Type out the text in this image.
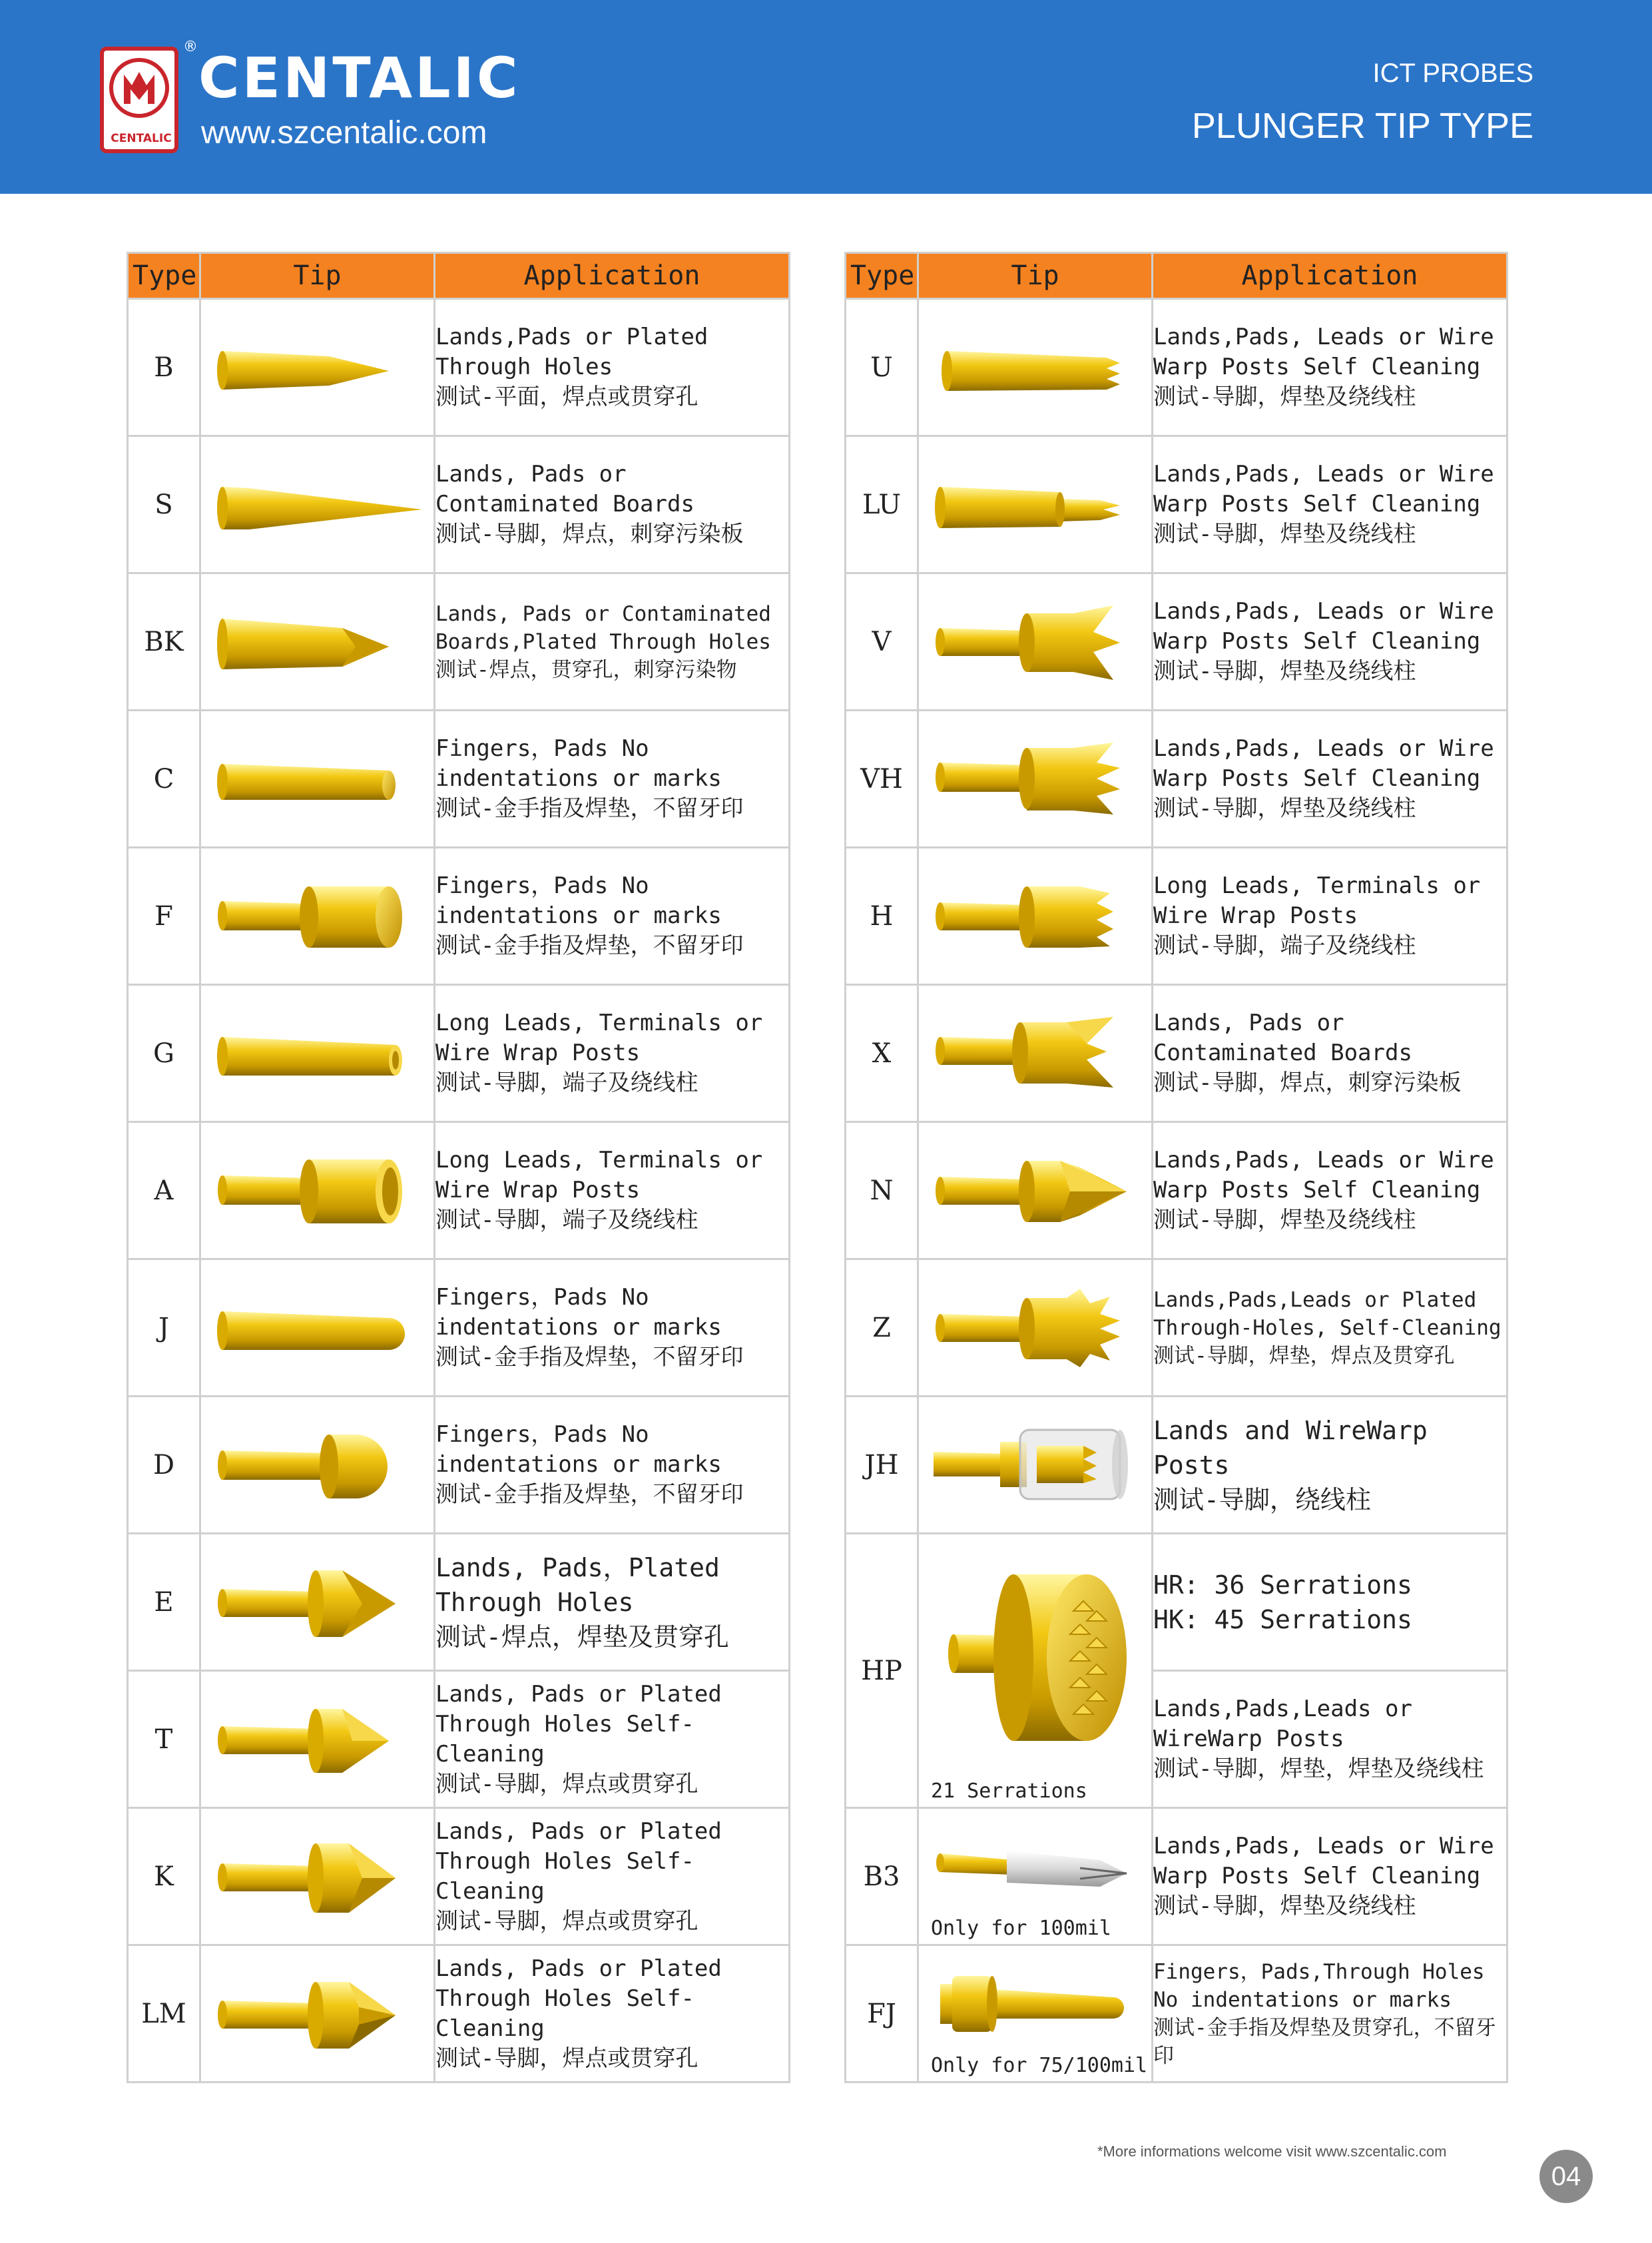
CENTALIC
® CENTALIC
www.szcentalic.com
ICT PROBES
PLUNGER TIP TYPE
Type	Tip	Application
B		Lands,Pads or Plated
Through Holes
测试-平面，焊点或贯穿孔
S		Lands, Pads or
Contaminated Boards
测试-导脚，焊点，刺穿污染板
BK		Lands, Pads or Contaminated
Boards,Plated Through Holes
测试-焊点，贯穿孔，刺穿污染物
C		Fingers，Pads No
indentations or marks
测试-金手指及焊垫，不留牙印
F		Fingers，Pads No
indentations or marks
测试-金手指及焊垫，不留牙印
G		Long Leads, Terminals or
Wire Wrap Posts
测试-导脚，端子及绕线柱
A		Long Leads, Terminals or
Wire Wrap Posts
测试-导脚，端子及绕线柱
J		Fingers，Pads No
indentations or marks
测试-金手指及焊垫，不留牙印
D		Fingers，Pads No
indentations or marks
测试-金手指及焊垫，不留牙印
E		Lands, Pads，Plated
Through Holes
测试-焊点，焊垫及贯穿孔
T		Lands, Pads or Plated
Through Holes Self-
Cleaning
测试-导脚，焊点或贯穿孔
K		Lands, Pads or Plated
Through Holes Self-
Cleaning
测试-导脚，焊点或贯穿孔
LM		Lands, Pads or Plated
Through Holes Self-
Cleaning
测试-导脚，焊点或贯穿孔
Type	Tip	Application
U		Lands,Pads, Leads or Wire
Warp Posts Self Cleaning
测试-导脚，焊垫及绕线柱
LU		Lands,Pads, Leads or Wire
Warp Posts Self Cleaning
测试-导脚，焊垫及绕线柱
V		Lands,Pads, Leads or Wire
Warp Posts Self Cleaning
测试-导脚，焊垫及绕线柱
VH		Lands,Pads, Leads or Wire
Warp Posts Self Cleaning
测试-导脚，焊垫及绕线柱
H		Long Leads, Terminals or
Wire Wrap Posts
测试-导脚，端子及绕线柱
X		Lands, Pads or
Contaminated Boards
测试-导脚，焊点，刺穿污染板
N		Lands,Pads, Leads or Wire
Warp Posts Self Cleaning
测试-导脚，焊垫及绕线柱
Z		Lands,Pads,Leads or Plated
Through-Holes, Self-Cleaning
测试-导脚，焊垫，焊点及贯穿孔
JH		Lands and WireWarp
Posts
测试-导脚，绕线柱
HP	21 Serrations	HR: 36 Serrations
HK: 45 Serrations
		Lands,Pads,Leads or
WireWarp Posts
测试-导脚，焊垫，焊垫及绕线柱
B3	Only for 100mil	Lands,Pads, Leads or Wire
Warp Posts Self Cleaning
测试-导脚，焊垫及绕线柱
FJ	Only for 75/100mil	Fingers，Pads,Through Holes
No indentations or marks
测试-金手指及焊垫及贯穿孔，不留牙印
*More informations welcome visit www.szcentalic.com
04
